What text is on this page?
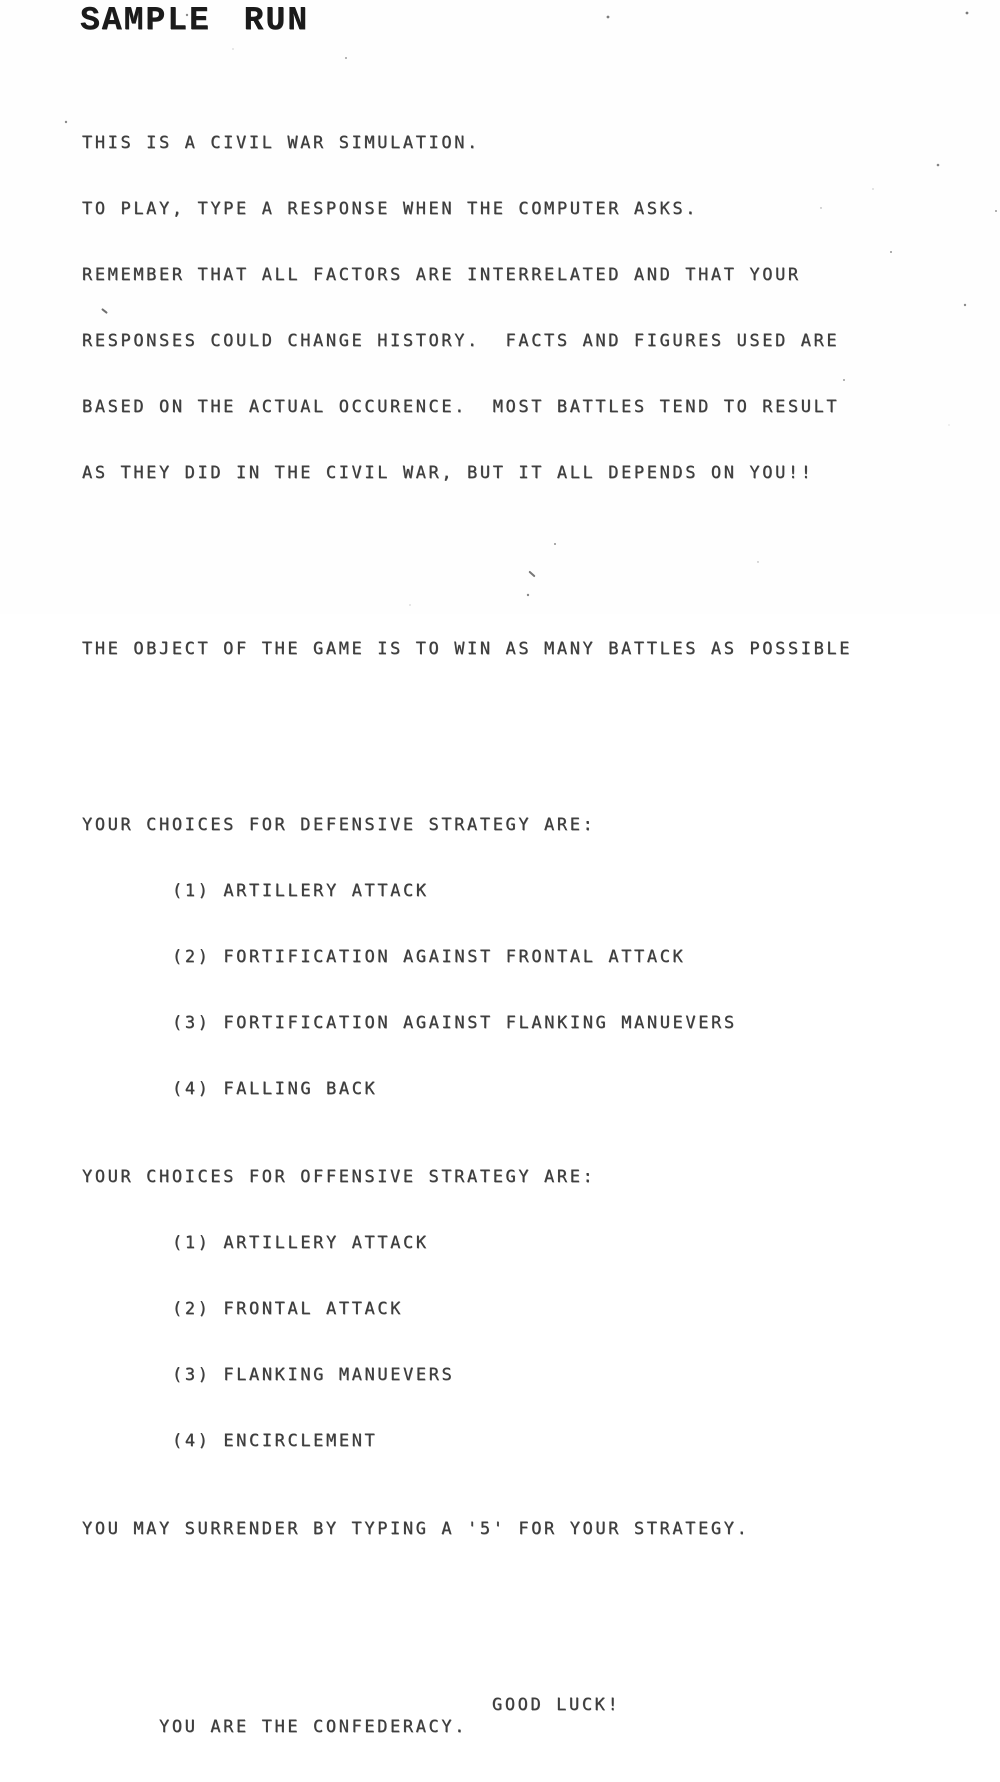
SAMPLE RUN

THIS IS A CIVIL WAR SIMULATION.

TO PLAY, TYPE A RESPONSE WHEN THE COMPUTER ASKS.

REMEMBER THAT ALL FACTORS ARE INTERRELATED AND THAT YOUR

RESPONSES COULD CHANGE HISTORY.  FACTS AND FIGURES USED ARE

BASED ON THE ACTUAL OCCURENCE.  MOST BATTLES TEND TO RESULT

AS THEY DID IN THE CIVIL WAR, BUT IT ALL DEPENDS ON YOU!!

THE OBJECT OF THE GAME IS TO WIN AS MANY BATTLES AS POSSIBLE

YOUR CHOICES FOR DEFENSIVE STRATEGY ARE:

(1) ARTILLERY ATTACK

(2) FORTIFICATION AGAINST FRONTAL ATTACK

(3) FORTIFICATION AGAINST FLANKING MANUEVERS

(4) FALLING BACK

YOUR CHOICES FOR OFFENSIVE STRATEGY ARE:

(1) ARTILLERY ATTACK

(2) FRONTAL ATTACK

(3) FLANKING MANUEVERS

(4) ENCIRCLEMENT

YOU MAY SURRENDER BY TYPING A '5' FOR YOUR STRATEGY.

YOU ARE THE CONFEDERACY.

GOOD LUCK!
